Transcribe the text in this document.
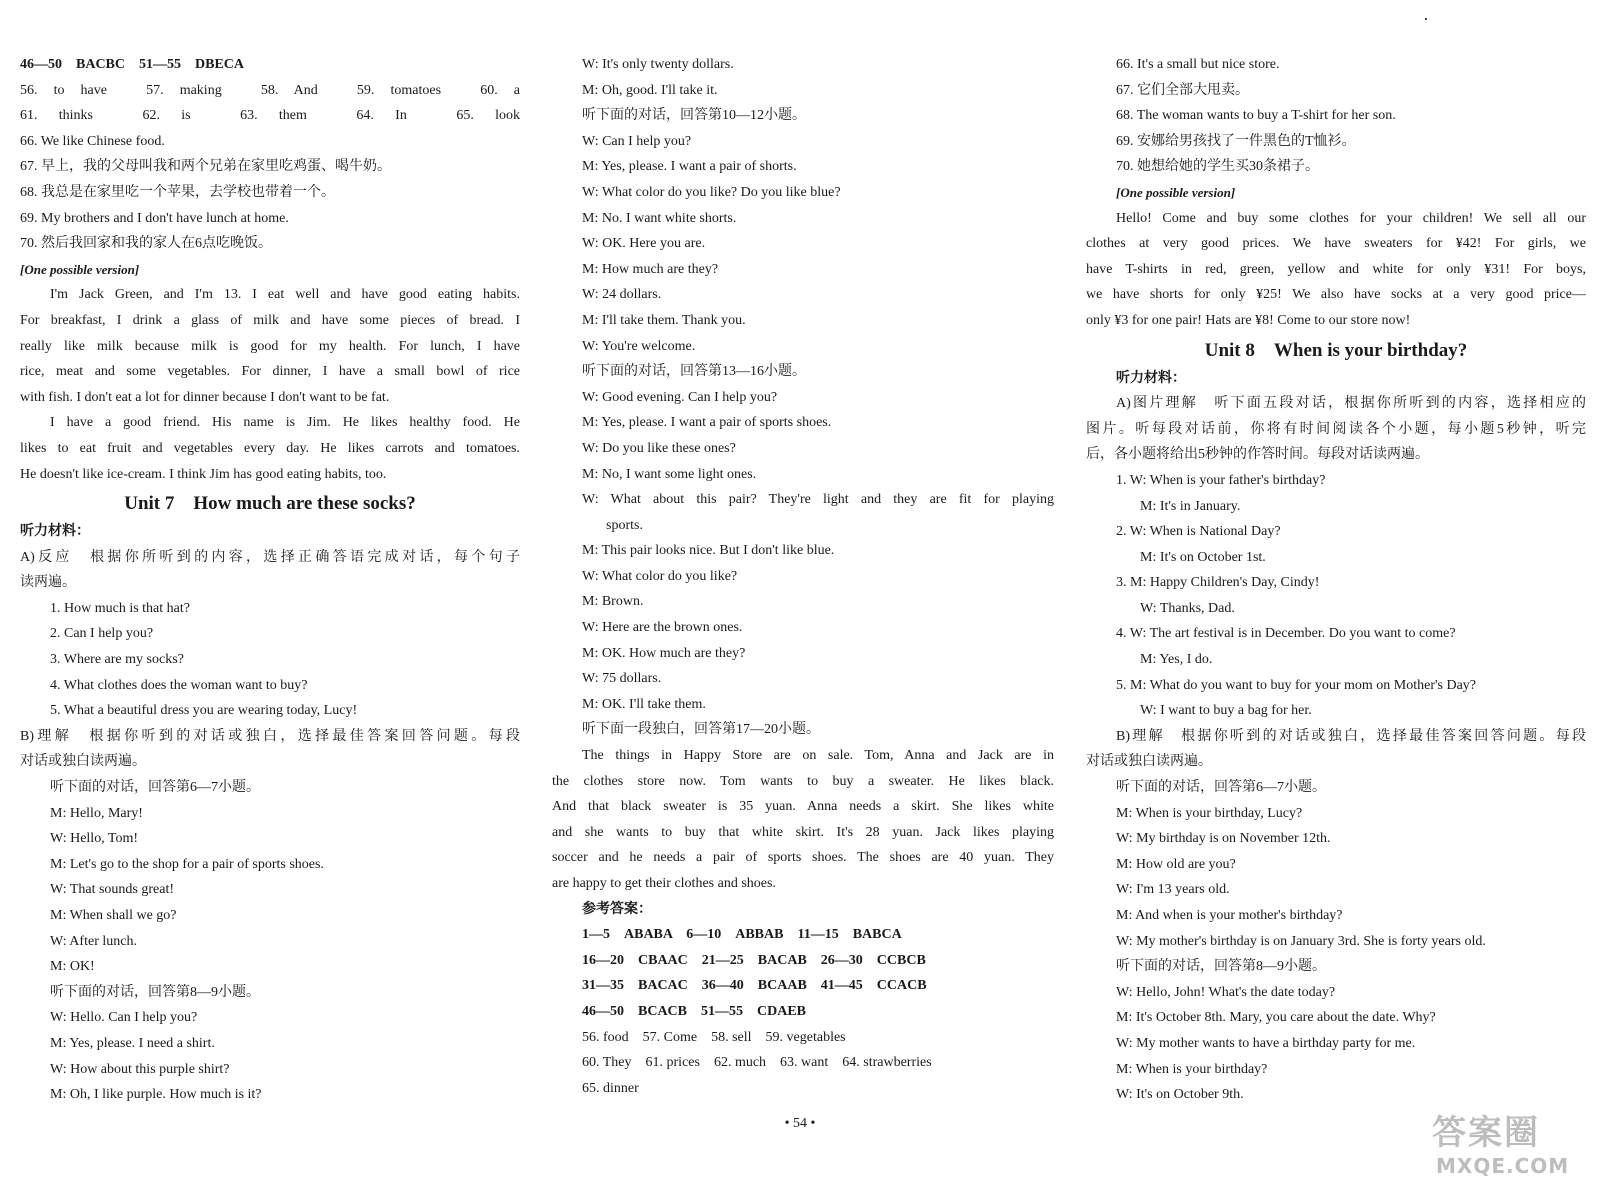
46—50　BACBC　51—55　DBECA
56. to have　57. making　58. And　59. tomatoes　60. a
61. thinks　62. is　63. them　64. In　65. look
66. We like Chinese food.
67. 早上，我的父母叫我和两个兄弟在家里吃鸡蛋、喝牛奶。
68. 我总是在家里吃一个苹果，去学校也带着一个。
69. My brothers and I don't have lunch at home.
70. 然后我回家和我的家人在6点吃晚饭。
[One possible version]
I'm Jack Green, and I'm 13. I eat well and have good eating habits.
For breakfast, I drink a glass of milk and have some pieces of bread. I
really like milk because milk is good for my health. For lunch, I have
rice, meat and some vegetables. For dinner, I have a small bowl of rice
with fish. I don't eat a lot for dinner because I don't want to be fat.
I have a good friend. His name is Jim. He likes healthy food. He
likes to eat fruit and vegetables every day. He likes carrots and tomatoes.
He doesn't like ice-cream. I think Jim has good eating habits, too.
Unit 7　How much are these socks?
听力材料：
A)反应　根据你所听到的内容，选择正确答语完成对话，每个句子
读两遍。
1. How much is that hat?
2. Can I help you?
3. Where are my socks?
4. What clothes does the woman want to buy?
5. What a beautiful dress you are wearing today, Lucy!
B)理解　根据你听到的对话或独白，选择最佳答案回答问题。每段
对话或独白读两遍。
听下面的对话，回答第6—7小题。
M: Hello, Mary!
W: Hello, Tom!
M: Let's go to the shop for a pair of sports shoes.
W: That sounds great!
M: When shall we go?
W: After lunch.
M: OK!
听下面的对话，回答第8—9小题。
W: Hello. Can I help you?
M: Yes, please. I need a shirt.
W: How about this purple shirt?
M: Oh, I like purple. How much is it?
W: It's only twenty dollars.
M: Oh, good. I'll take it.
听下面的对话，回答第10—12小题。
W: Can I help you?
M: Yes, please. I want a pair of shorts.
W: What color do you like? Do you like blue?
M: No. I want white shorts.
W: OK. Here you are.
M: How much are they?
W: 24 dollars.
M: I'll take them. Thank you.
W: You're welcome.
听下面的对话，回答第13—16小题。
W: Good evening. Can I help you?
M: Yes, please. I want a pair of sports shoes.
W: Do you like these ones?
M: No, I want some light ones.
W: What about this pair? They're light and they are fit for playing
sports.
M: This pair looks nice. But I don't like blue.
W: What color do you like?
M: Brown.
W: Here are the brown ones.
M: OK. How much are they?
W: 75 dollars.
M: OK. I'll take them.
听下面一段独白，回答第17—20小题。
The things in Happy Store are on sale. Tom, Anna and Jack are in
the clothes store now. Tom wants to buy a sweater. He likes black.
And that black sweater is 35 yuan. Anna needs a skirt. She likes white
and she wants to buy that white skirt. It's 28 yuan. Jack likes playing
soccer and he needs a pair of sports shoes. The shoes are 40 yuan. They
are happy to get their clothes and shoes.
参考答案：
1—5　ABABA　6—10　ABBAB　11—15　BABCA
16—20　CBAAC　21—25　BACAB　26—30　CCBCB
31—35　BACAC　36—40　BCAAB　41—45　CCACB
46—50　BCACB　51—55　CDAEB
56. food　57. Come　58. sell　59. vegetables
60. They　61. prices　62. much　63. want　64. strawberries
65. dinner
66. It's a small but nice store.
67. 它们全部大甩卖。
68. The woman wants to buy a T-shirt for her son.
69. 安娜给男孩找了一件黑色的T恤衫。
70. 她想给她的学生买30条裙子。
[One possible version]
Hello! Come and buy some clothes for your children! We sell all our
clothes at very good prices. We have sweaters for ¥42! For girls, we
have T-shirts in red, green, yellow and white for only ¥31! For boys,
we have shorts for only ¥25! We also have socks at a very good price—
only ¥3 for one pair! Hats are ¥8! Come to our store now!
Unit 8　When is your birthday?
听力材料：
A)图片理解　听下面五段对话，根据你所听到的内容，选择相应的
图片。听每段对话前，你将有时间阅读各个小题，每小题5秒钟，听完
后，各小题将给出5秒钟的作答时间。每段对话读两遍。
1. W: When is your father's birthday?
M: It's in January.
2. W: When is National Day?
M: It's on October 1st.
3. M: Happy Children's Day, Cindy!
W: Thanks, Dad.
4. W: The art festival is in December. Do you want to come?
M: Yes, I do.
5. M: What do you want to buy for your mom on Mother's Day?
W: I want to buy a bag for her.
B)理解　根据你听到的对话或独白，选择最佳答案回答问题。每段
对话或独白读两遍。
听下面的对话，回答第6—7小题。
M: When is your birthday, Lucy?
W: My birthday is on November 12th.
M: How old are you?
W: I'm 13 years old.
M: And when is your mother's birthday?
W: My mother's birthday is on January 3rd. She is forty years old.
听下面的对话，回答第8—9小题。
W: Hello, John! What's the date today?
M: It's October 8th. Mary, you care about the date. Why?
W: My mother wants to have a birthday party for me.
M: When is your birthday?
W: It's on October 9th.
• 54 •	答案圈
MXQE.COM
